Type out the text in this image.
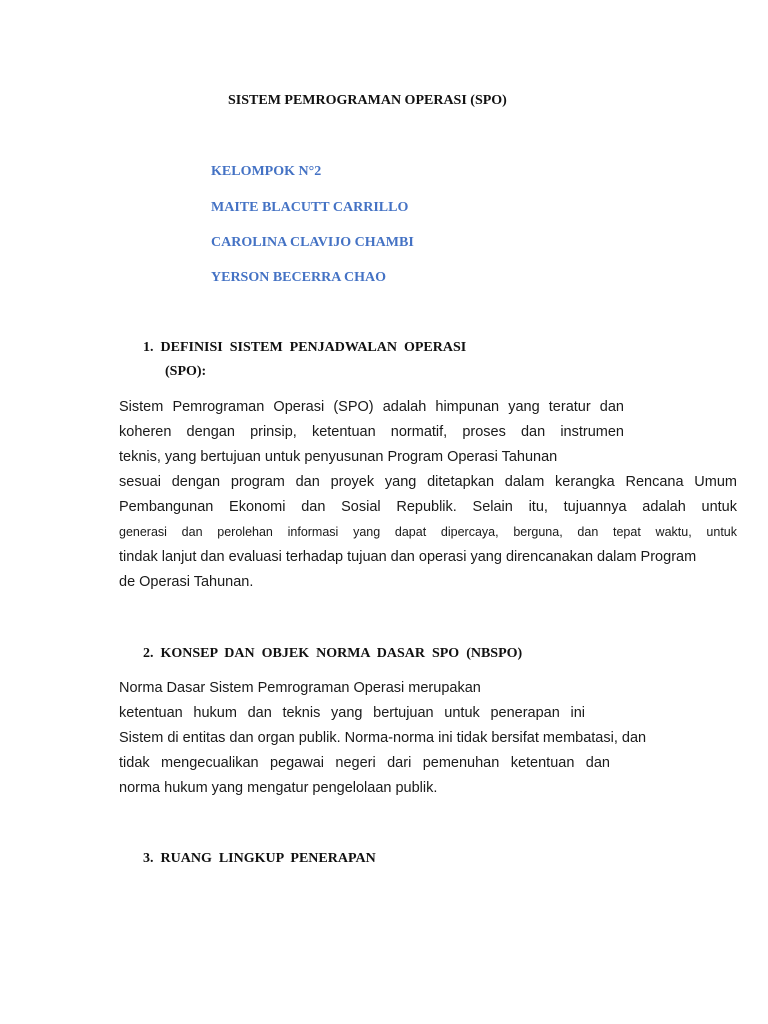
SISTEM PEMROGRAMAN OPERASI (SPO)
KELOMPOK N°2
MAITE BLACUTT CARRILLO
CAROLINA CLAVIJO CHAMBI
YERSON BECERRA CHAO
1.  DEFINISI  SISTEM  PENJADWALAN  OPERASI
(SPO):
Sistem Pemrograman Operasi (SPO) adalah himpunan yang teratur dan
koheren dengan prinsip, ketentuan normatif, proses dan instrumen
teknis, yang bertujuan untuk penyusunan Program Operasi Tahunan
sesuai dengan program dan proyek yang ditetapkan dalam kerangka Rencana Umum
Pembangunan Ekonomi dan Sosial Republik. Selain itu, tujuannya adalah untuk
generasi dan perolehan informasi yang dapat dipercaya, berguna, dan tepat waktu, untuk
tindak lanjut dan evaluasi terhadap tujuan dan operasi yang direncanakan dalam Program
de Operasi Tahunan.
2.  KONSEP  DAN  OBJEK  NORMA  DASAR  SPO  (NBSPO)
Norma Dasar Sistem Pemrograman Operasi merupakan
ketentuan hukum dan teknis yang bertujuan untuk penerapan ini
Sistem di entitas dan organ publik. Norma-norma ini tidak bersifat membatasi, dan
tidak mengecualikan pegawai negeri dari pemenuhan ketentuan dan
norma hukum yang mengatur pengelolaan publik.
3.  RUANG  LINGKUP  PENERAPAN
